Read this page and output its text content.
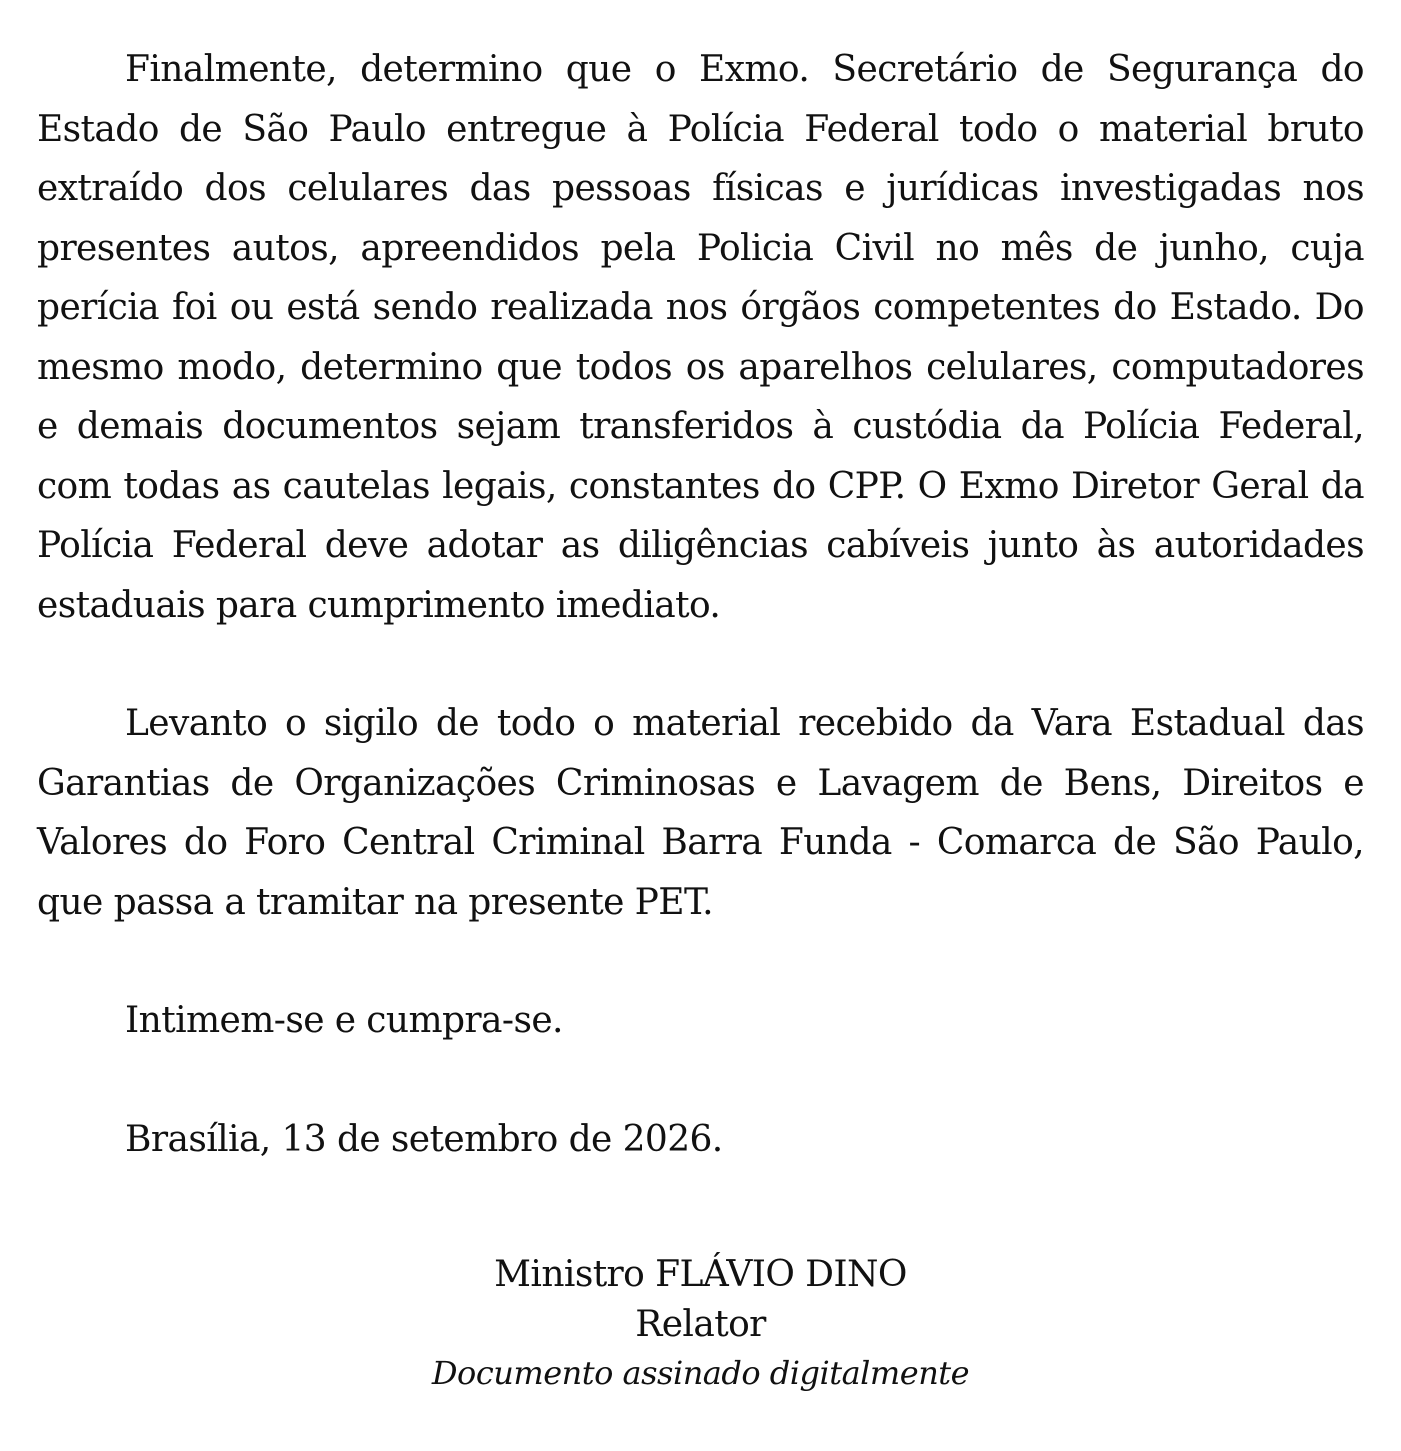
Finalmente, determino que o Exmo. Secretário de Segurança do Estado de São Paulo entregue à Polícia Federal todo o material bruto extraído dos celulares das pessoas físicas e jurídicas investigadas nos presentes autos, apreendidos pela Policia Civil no mês de junho, cuja perícia foi ou está sendo realizada nos órgãos competentes do Estado. Do mesmo modo, determino que todos os aparelhos celulares, computadores e demais documentos sejam transferidos à custódia da Polícia Federal, com todas as cautelas legais, constantes do CPP. O Exmo Diretor Geral da Polícia Federal deve adotar as diligências cabíveis junto às autoridades estaduais para cumprimento imediato.

Levanto o sigilo de todo o material recebido da Vara Estadual das Garantias de Organizações Criminosas e Lavagem de Bens, Direitos e Valores do Foro Central Criminal Barra Funda - Comarca de São Paulo, que passa a tramitar na presente PET.

Intimem-se e cumpra-se.

Brasília, 13 de setembro de 2026.

Ministro FLÁVIO DINO
Relator
Documento assinado digitalmente
